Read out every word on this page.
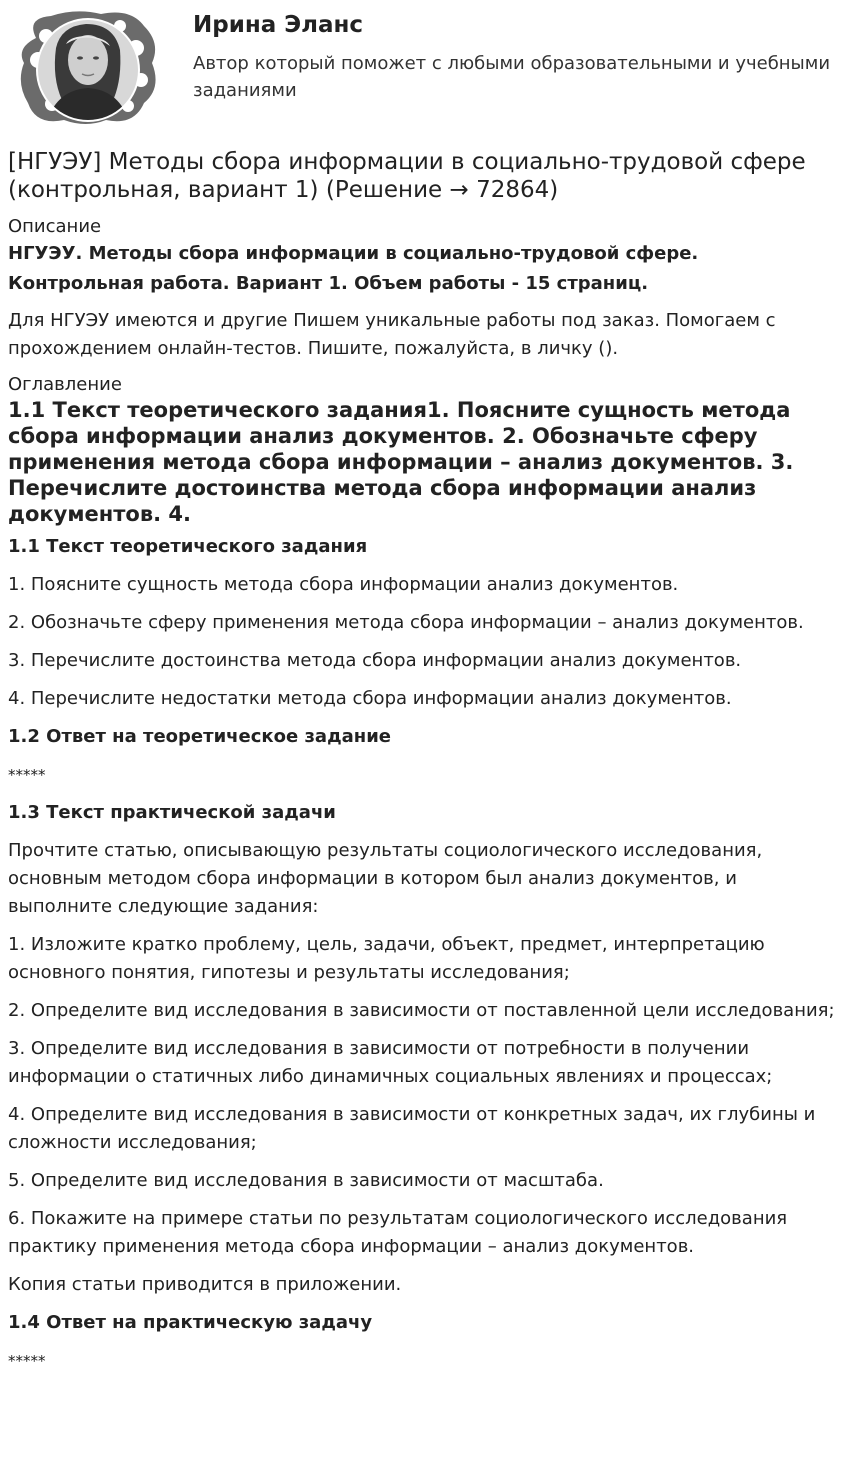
Ирина Эланс
Автор который поможет с любыми образовательными и учебными заданиями
[НГУЭУ] Методы сбора информации в социально-трудовой сфере (контрольная, вариант 1) (Решение → 72864)
Описание

НГУЭУ. Методы сбора информации в социально-трудовой сфере. Контрольная работа. Вариант 1. Объем работы - 15 страниц.

Для НГУЭУ имеются и другие Пишем уникальные работы под заказ. Помогаем с прохождением онлайн-тестов. Пишите, пожалуйста, в личку ().

Оглавление
1.1 Текст теоретического задания1. Поясните сущность метода сбора информации анализ документов. 2. Обозначьте сферу применения метода сбора информации – анализ документов. 3. Перечислите достоинства метода сбора информации анализ документов. 4.
1.1 Текст теоретического задания

1. Поясните сущность метода сбора информации анализ документов.

2. Обозначьте сферу применения метода сбора информации – анализ документов.

3. Перечислите достоинства метода сбора информации анализ документов.

4. Перечислите недостатки метода сбора информации анализ документов.

1.2 Ответ на теоретическое задание
*****
1.3 Текст практической задачи

Прочтите статью, описывающую результаты социологического исследования, основным методом сбора информации в котором был анализ документов, и выполните следующие задания:

1. Изложите кратко проблему, цель, задачи, объект, предмет, интерпретацию основного понятия, гипотезы и результаты исследования;

2. Определите вид исследования в зависимости от поставленной цели исследования;

3. Определите вид исследования в зависимости от потребности в получении информации о статичных либо динамичных социальных явлениях и процессах;

4. Определите вид исследования в зависимости от конкретных задач, их глубины и сложности исследования;

5. Определите вид исследования в зависимости от масштаба.

6. Покажите на примере статьи по результатам социологического исследования практику применения метода сбора информации – анализ документов.

Копия статьи приводится в приложении.

1.4 Ответ на практическую задачу
*****
